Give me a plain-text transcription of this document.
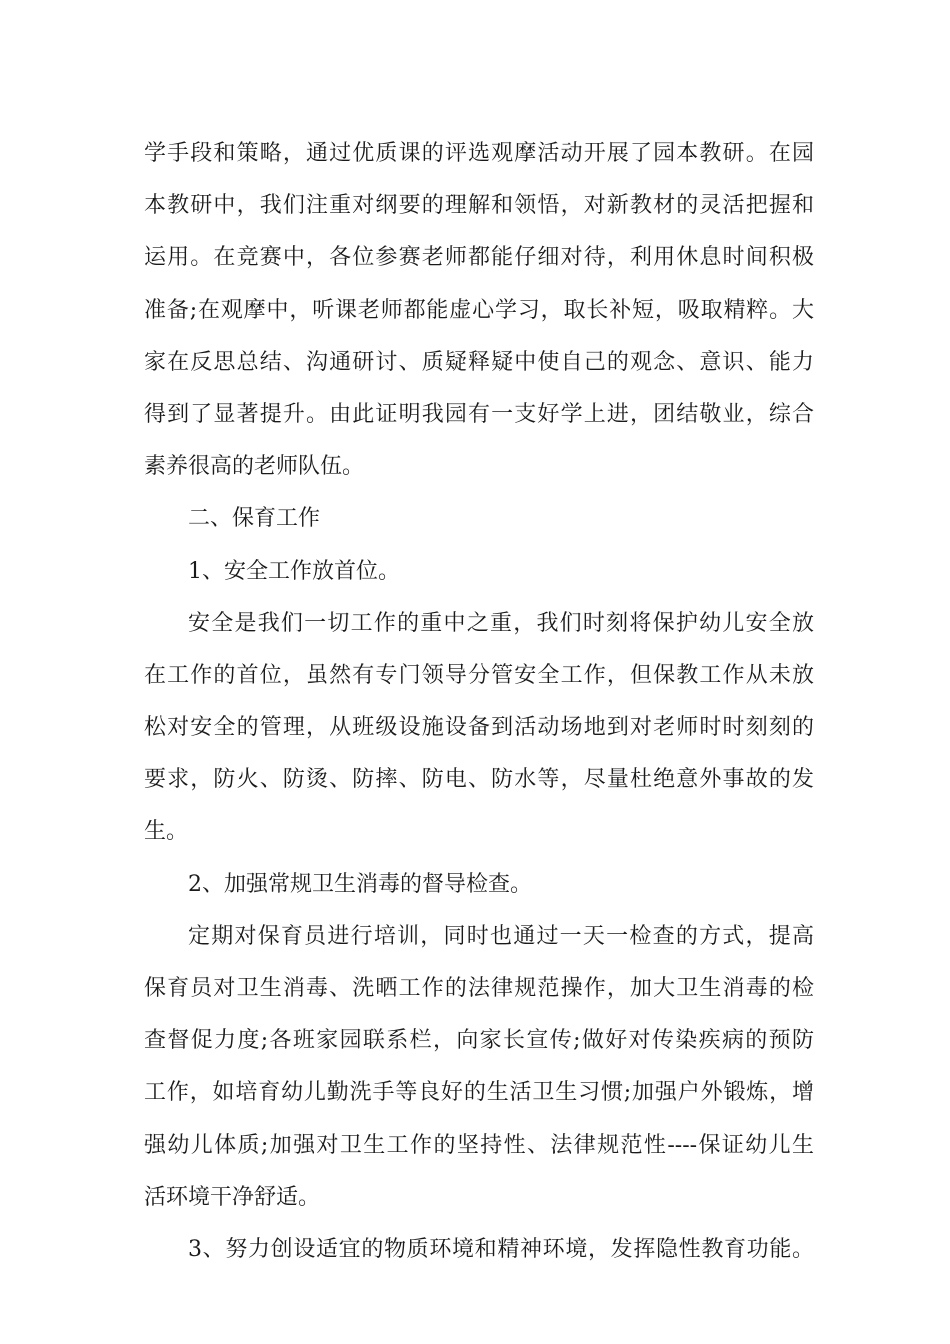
学手段和策略，通过优质课的评选观摩活动开展了园本教研。在园
本教研中，我们注重对纲要的理解和领悟，对新教材的灵活把握和
运用。在竞赛中，各位参赛老师都能仔细对待，利用休息时间积极
准备;在观摩中，听课老师都能虚心学习，取长补短，吸取精粹。大
家在反思总结、沟通研讨、质疑释疑中使自己的观念、意识、能力
得到了显著提升。由此证明我园有一支好学上进，团结敬业，综合
素养很高的老师队伍。
二、保育工作
1、安全工作放首位。
安全是我们一切工作的重中之重，我们时刻将保护幼儿安全放
在工作的首位，虽然有专门领导分管安全工作，但保教工作从未放
松对安全的管理，从班级设施设备到活动场地到对老师时时刻刻的
要求，防火、防烫、防摔、防电、防水等，尽量杜绝意外事故的发
生。
2、加强常规卫生消毒的督导检查。
定期对保育员进行培训，同时也通过一天一检查的方式，提高
保育员对卫生消毒、洗晒工作的法律规范操作，加大卫生消毒的检
查督促力度;各班家园联系栏，向家长宣传;做好对传染疾病的预防
工作，如培育幼儿勤洗手等良好的生活卫生习惯;加强户外锻炼，增
强幼儿体质;加强对卫生工作的坚持性、法律规范性----保证幼儿生
活环境干净舒适。
3、努力创设适宜的物质环境和精神环境，发挥隐性教育功能。
